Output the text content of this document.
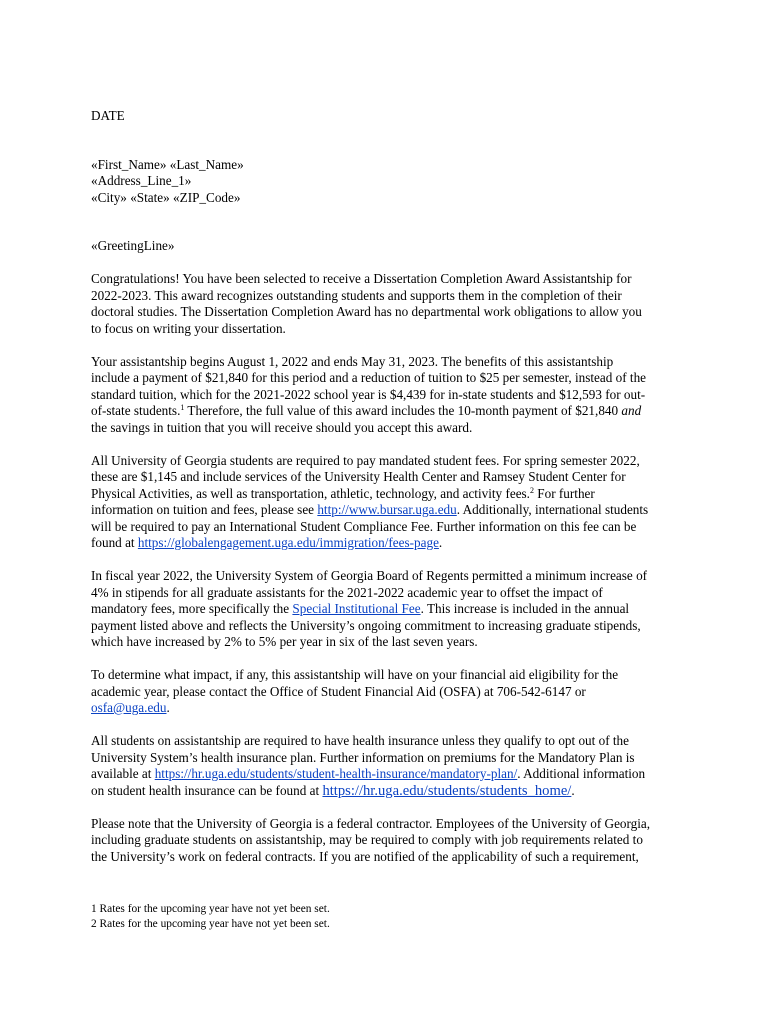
DATE
«First_Name» «Last_Name»
«Address_Line_1»
«City» «State» «ZIP_Code»
«GreetingLine»
Congratulations! You have been selected to receive a Dissertation Completion Award Assistantship for
2022-2023. This award recognizes outstanding students and supports them in the completion of their
doctoral studies. The Dissertation Completion Award has no departmental work obligations to allow you
to focus on writing your dissertation.
Your assistantship begins August 1, 2022 and ends May 31, 2023. The benefits of this assistantship
include a payment of $21,840 for this period and a reduction of tuition to $25 per semester, instead of the
standard tuition, which for the 2021-2022 school year is $4,439 for in-state students and $12,593 for out-
of-state students.$^1$ Therefore, the full value of this award includes the 10-month payment of $21,840 and
the savings in tuition that you will receive should you accept this award.
All University of Georgia students are required to pay mandated student fees. For spring semester 2022,
these are $1,145 and include services of the University Health Center and Ramsey Student Center for
Physical Activities, as well as transportation, athletic, technology, and activity fees.$^2$ For further
information on tuition and fees, please see http://www.bursar.uga.edu. Additionally, international students
will be required to pay an International Student Compliance Fee. Further information on this fee can be
found at https://globalengagement.uga.edu/immigration/fees-page.
In fiscal year 2022, the University System of Georgia Board of Regents permitted a minimum increase of
4% in stipends for all graduate assistants for the 2021-2022 academic year to offset the impact of
mandatory fees, more specifically the Special Institutional Fee. This increase is included in the annual
payment listed above and reflects the University’s ongoing commitment to increasing graduate stipends,
which have increased by 2% to 5% per year in six of the last seven years.
To determine what impact, if any, this assistantship will have on your financial aid eligibility for the
academic year, please contact the Office of Student Financial Aid (OSFA) at 706-542-6147 or
osfa@uga.edu.
All students on assistantship are required to have health insurance unless they qualify to opt out of the
University System’s health insurance plan. Further information on premiums for the Mandatory Plan is
available at https://hr.uga.edu/students/student-health-insurance/mandatory-plan/. Additional information
on student health insurance can be found at https://hr.uga.edu/students/students_home/.
Please note that the University of Georgia is a federal contractor. Employees of the University of Georgia,
including graduate students on assistantship, may be required to comply with job requirements related to
the University’s work on federal contracts. If you are notified of the applicability of such a requirement,
1 Rates for the upcoming year have not yet been set.
2 Rates for the upcoming year have not yet been set.
